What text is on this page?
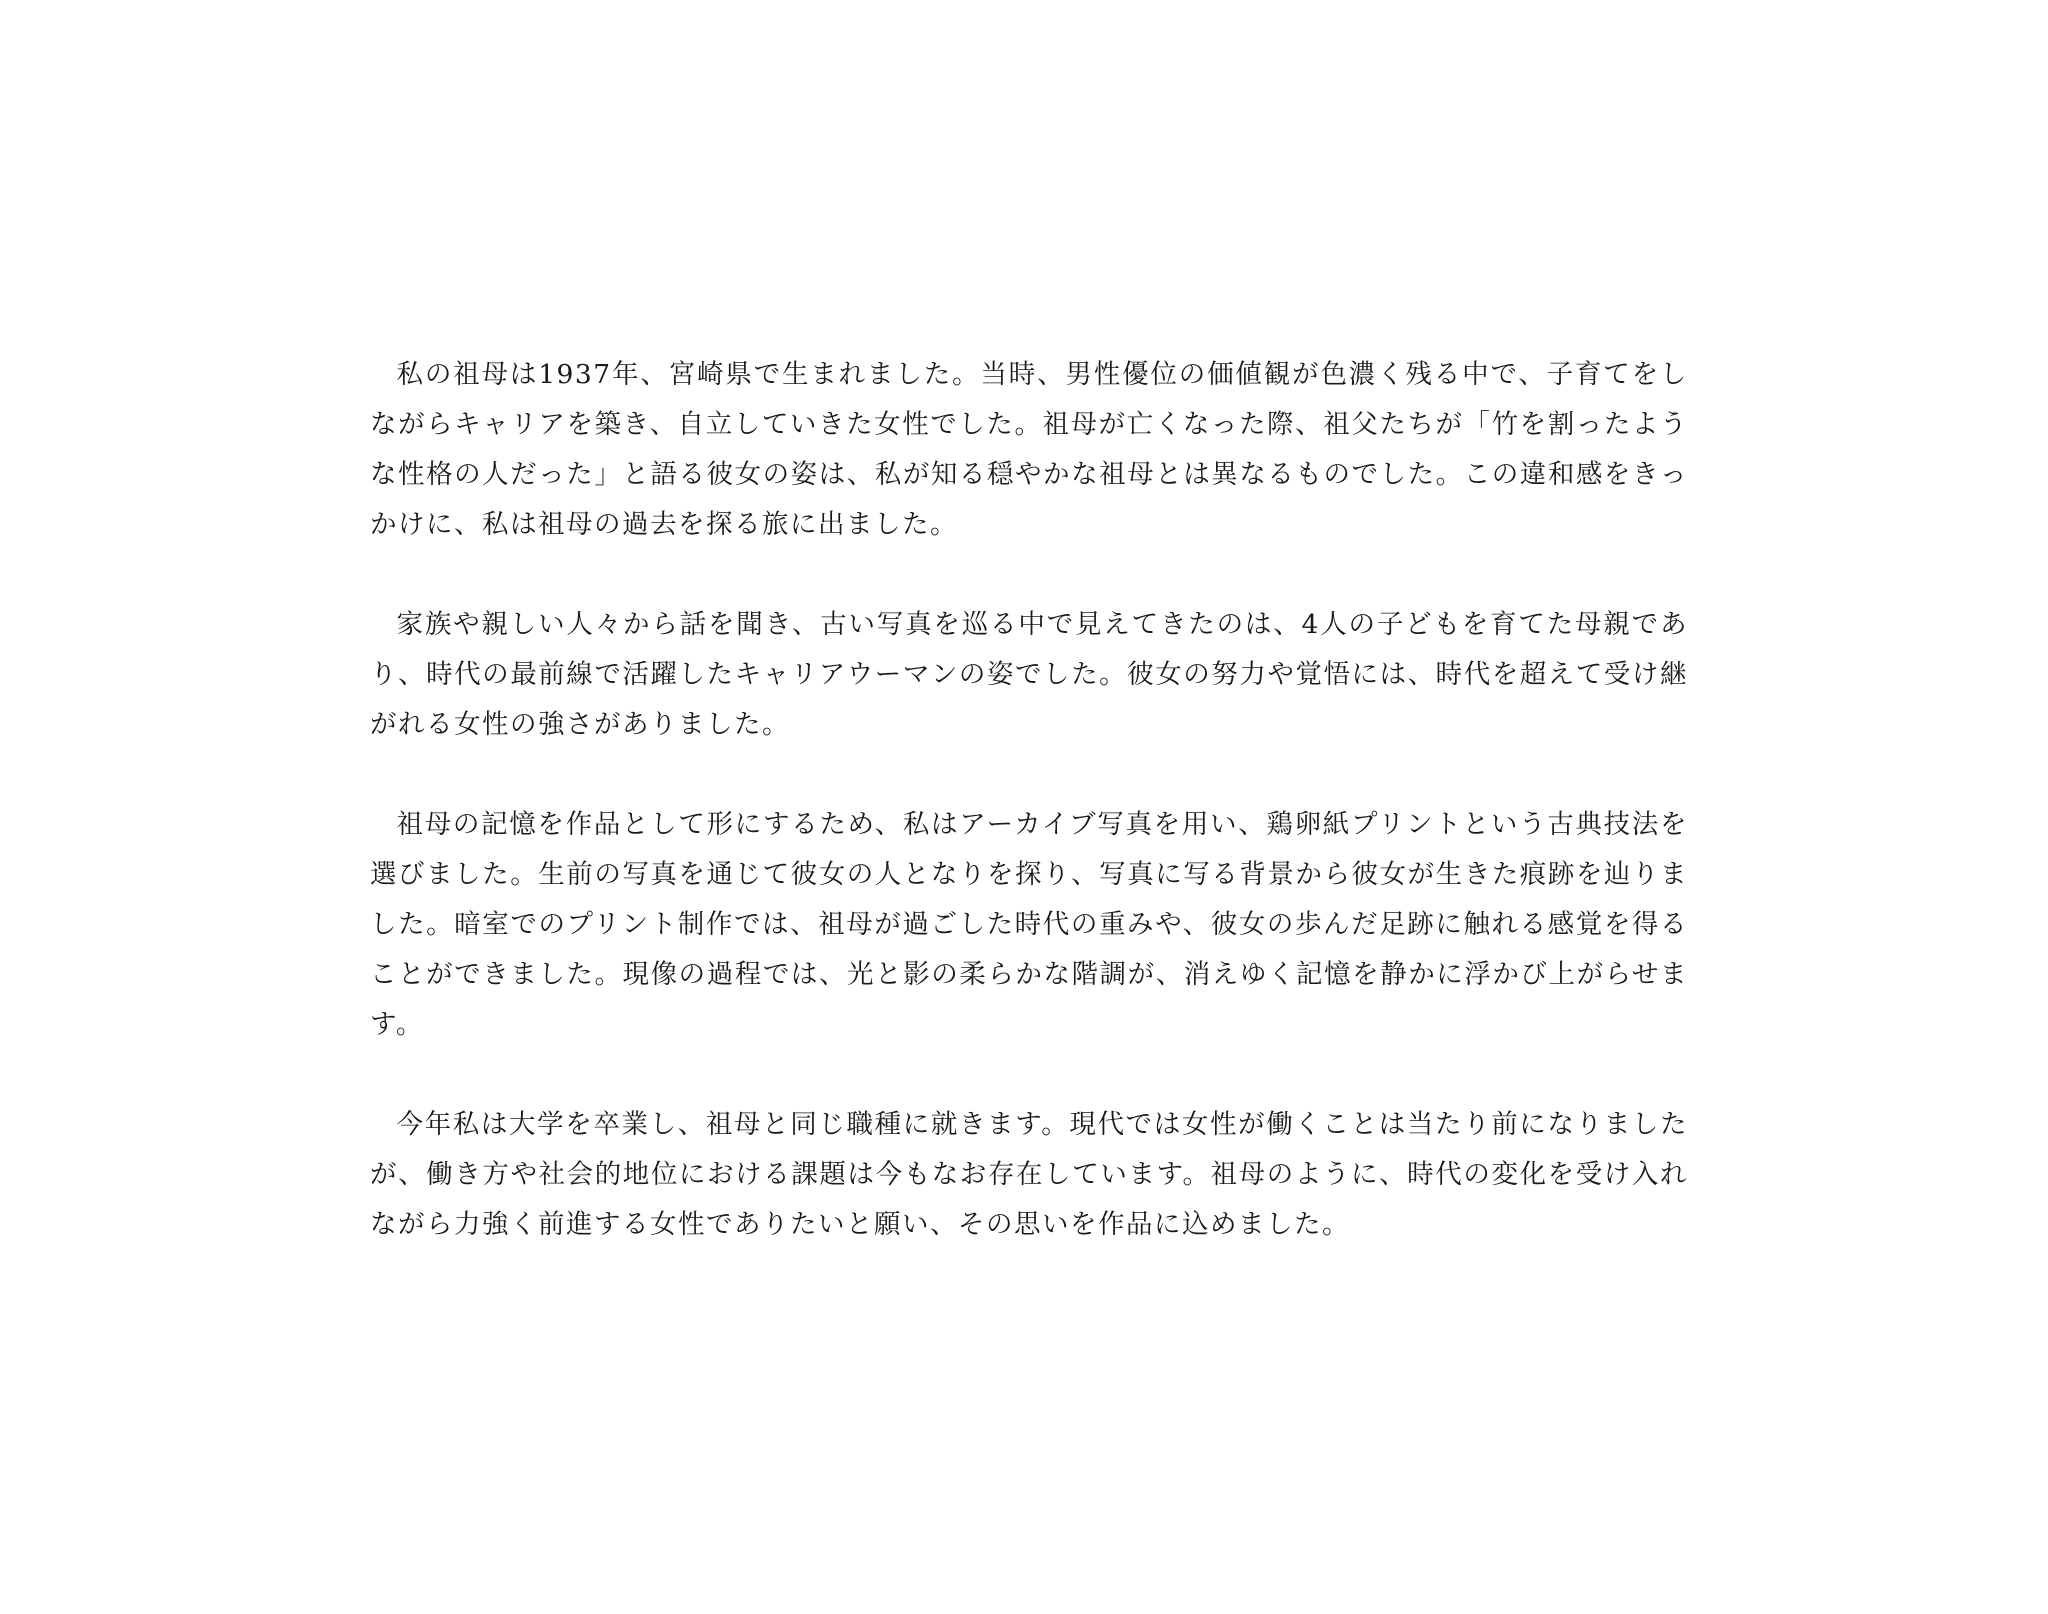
私の祖母は1937年、宮崎県で生まれました。当時、男性優位の価値観が色濃く残る中で、子育てをしながらキャリアを築き、自立していきた女性でした。祖母が亡くなった際、祖父たちが「竹を割ったような性格の人だった」と語る彼女の姿は、私が知る穏やかな祖母とは異なるものでした。この違和感をきっかけに、私は祖母の過去を探る旅に出ました。

家族や親しい人々から話を聞き、古い写真を巡る中で見えてきたのは、4人の子どもを育てた母親であり、時代の最前線で活躍したキャリアウーマンの姿でした。彼女の努力や覚悟には、時代を超えて受け継がれる女性の強さがありました。

祖母の記憶を作品として形にするため、私はアーカイブ写真を用い、鶏卵紙プリントという古典技法を選びました。生前の写真を通じて彼女の人となりを探り、写真に写る背景から彼女が生きた痕跡を辿りました。暗室でのプリント制作では、祖母が過ごした時代の重みや、彼女の歩んだ足跡に触れる感覚を得ることができました。現像の過程では、光と影の柔らかな階調が、消えゆく記憶を静かに浮かび上がらせます。

今年私は大学を卒業し、祖母と同じ職種に就きます。現代では女性が働くことは当たり前になりましたが、働き方や社会的地位における課題は今もなお存在しています。祖母のように、時代の変化を受け入れながら力強く前進する女性でありたいと願い、その思いを作品に込めました。
